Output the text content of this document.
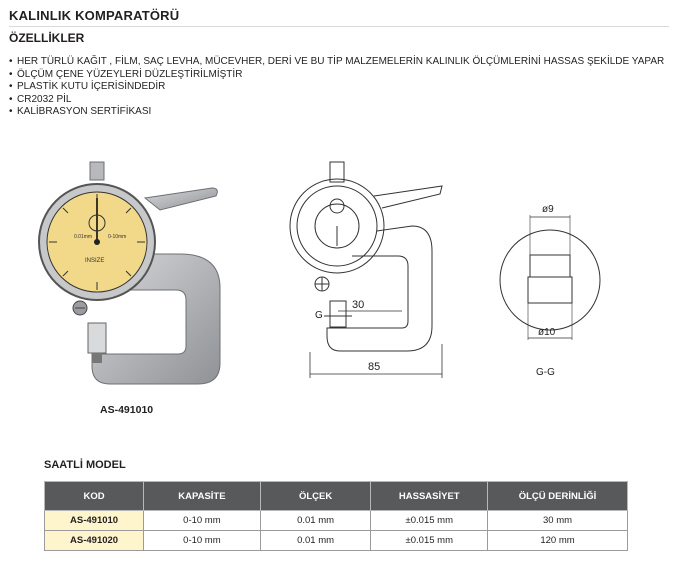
KALINLIK KOMPARATÖRÜ
ÖZELLİKLER
• HER TÜRLÜ KAĞIT , FİLM, SAÇ LEVHA, MÜCEVHER, DERİ VE BU TİP MALZEMELERİN KALINLIK ÖLÇÜMLERİNİ HASSAS ŞEKİLDE YAPAR
• ÖLÇÜM ÇENE YÜZEYLERİ DÜZLEŞTİRİLMİŞTİR
• PLASTİK KUTU İÇERİSİNDEDİR
• CR2032 PİL
• KALİBRASYON SERTİFİKASI
0.01mm	0-10mm
INSIZE
AS-491010
30
85
G
ø9
ø10
G-G
SAATLİ MODEL
KOD	KAPASİTE	ÖLÇEK	HASSASİYET	ÖLÇÜ DERİNLİĞİ
AS-491010	0-10 mm	0.01 mm	±0.015 mm	30 mm
AS-491020	0-10 mm	0.01 mm	±0.015 mm	120 mm
